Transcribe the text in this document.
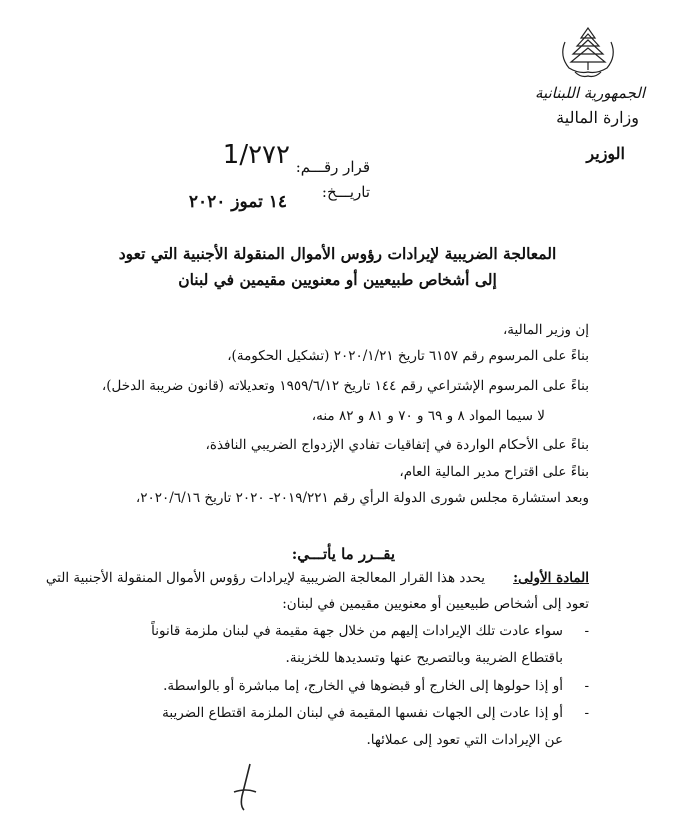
الجمهورية اللبنانية
وزارة المالية
الوزير
قرار رقـــم:
1/٢٧٢
تاريـــخ:
١٤ تموز ٢٠٢٠
المعالجة الضريبية لإيرادات رؤوس الأموال المنقولة الأجنبية التي تعود
إلى أشخاص طبيعيين أو معنويين مقيمين في لبنان
إن وزير المالية،
بناءً على المرسوم رقم ٦١٥٧ تاريخ ٢٠٢٠/١/٢١ (تشكيل الحكومة)،
بناءً على المرسوم الإشتراعي رقم ١٤٤ تاريخ ١٩٥٩/٦/١٢ وتعديلاته (قانون ضريبة الدخل)،
لا سيما المواد ٨ و ٦٩ و ٧٠ و ٨١ و ٨٢ منه،
بناءً على الأحكام الواردة في إتفاقيات تفادي الإزدواج الضريبي النافذة،
بناءً على اقتراح مدير المالية العام،
وبعد استشارة مجلس شورى الدولة الرأي رقم ٢٠١٩/٢٢١- ٢٠٢٠ تاريخ ٢٠٢٠/٦/١٦،
يقــرر ما يأتـــي:
المادة الأولى:
يحدد هذا القرار المعالجة الضريبية لإيرادات رؤوس الأموال المنقولة الأجنبية التي
تعود إلى أشخاص طبيعيين أو معنويين مقيمين في لبنان:
-
سواء عادت تلك الإيرادات إليهم من خلال جهة مقيمة في لبنان ملزمة قانوناً
باقتطاع الضريبة وبالتصريح عنها وتسديدها للخزينة.
-
أو إذا حولوها إلى الخارج أو قبضوها في الخارج، إما مباشرة أو بالواسطة.
-
أو إذا عادت إلى الجهات نفسها المقيمة في لبنان الملزمة اقتطاع الضريبة
عن الإيرادات التي تعود إلى عملائها.
